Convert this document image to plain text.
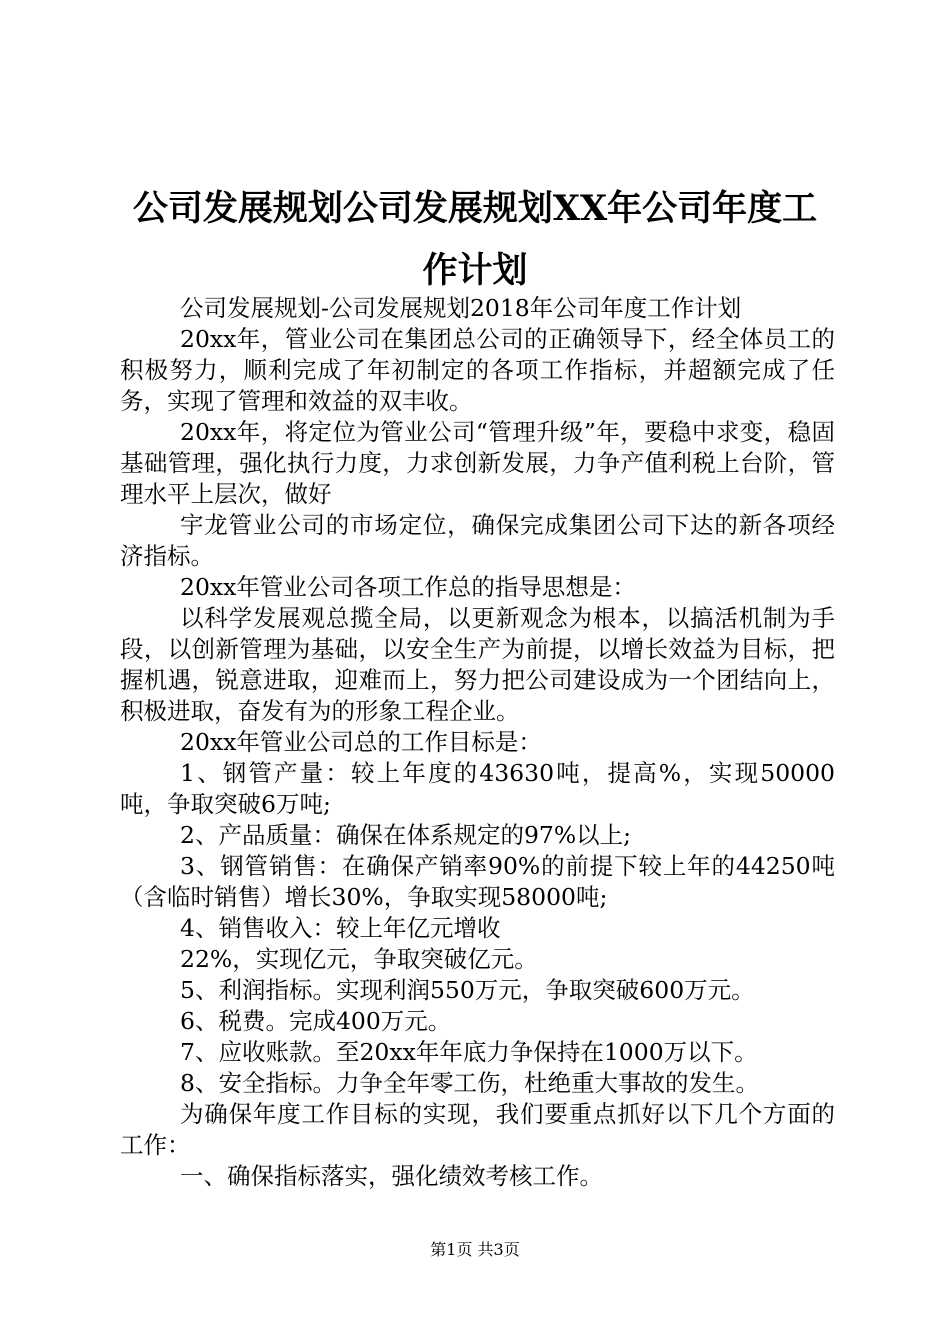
公司发展规划公司发展规划XX年公司年度工
作计划

公司发展规划-公司发展规划2018年公司年度工作计划

20xx年，管业公司在集团总公司的正确领导下，经全体员工的积极努力，顺利完成了年初制定的各项工作指标，并超额完成了任务，实现了管理和效益的双丰收。

20xx年，将定位为管业公司“管理升级”年，要稳中求变，稳固基础管理，强化执行力度，力求创新发展，力争产值利税上台阶，管理水平上层次，做好

宇龙管业公司的市场定位，确保完成集团公司下达的新各项经济指标。

20xx年管业公司各项工作总的指导思想是：

以科学发展观总揽全局，以更新观念为根本，以搞活机制为手段，以创新管理为基础，以安全生产为前提，以增长效益为目标，把握机遇，锐意进取，迎难而上，努力把公司建设成为一个团结向上，积极进取，奋发有为的形象工程企业。

20xx年管业公司总的工作目标是：

1、钢管产量：较上年度的43630吨，提高%，实现50000吨，争取突破6万吨;

2、产品质量：确保在体系规定的97%以上;

3、钢管销售：在确保产销率90%的前提下较上年的44250吨（含临时销售）增长30%，争取实现58000吨;

4、销售收入：较上年亿元增收

22%，实现亿元，争取突破亿元。

5、利润指标。实现利润550万元，争取突破600万元。

6、税费。完成400万元。

7、应收账款。至20xx年年底力争保持在1000万以下。

8、安全指标。力争全年零工伤，杜绝重大事故的发生。

为确保年度工作目标的实现，我们要重点抓好以下几个方面的工作：

一、确保指标落实，强化绩效考核工作。

第1页 共3页
